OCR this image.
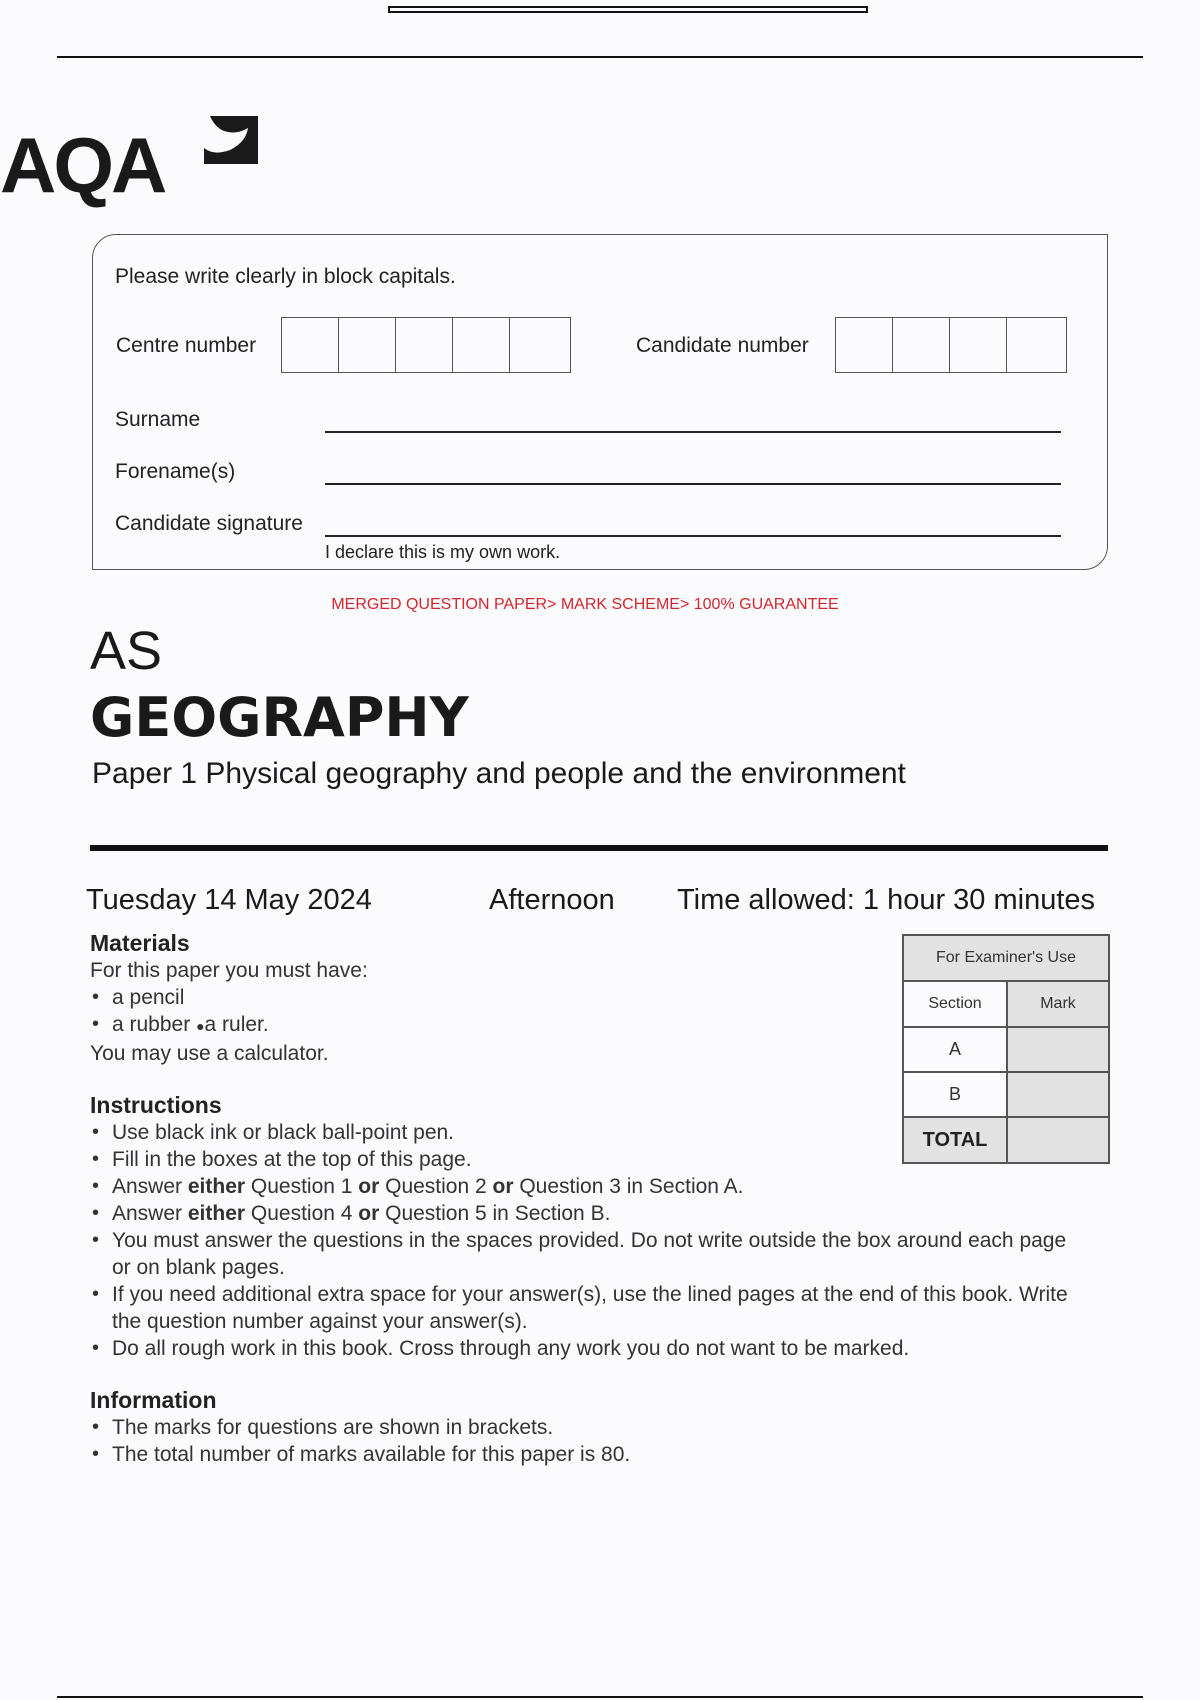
AQA
Please write clearly in block capitals.
Centre number	Candidate number
Surname
Forename(s)
Candidate signature
I declare this is my own work.
MERGED QUESTION PAPER> MARK SCHEME> 100% GUARANTEE
AS
GEOGRAPHY
Paper 1 Physical geography and people and the environment
Tuesday 14 May 2024	Afternoon Time allowed: 1 hour 30 minutes
Materials
For this paper you must have:
• a pencil
• a rubber ●a ruler.
You may use a calculator.
Instructions
• Use black ink or black ball-point pen.
• Fill in the boxes at the top of this page.
• Answer either Question 1 or Question 2 or Question 3 in Section A.
• Answer either Question 4 or Question 5 in Section B.
• You must answer the questions in the spaces provided. Do not write outside the box around each page or on blank pages.
• If you need additional extra space for your answer(s), use the lined pages at the end of this book. Write the question number against your answer(s).
• Do all rough work in this book. Cross through any work you do not want to be marked.
Information
• The marks for questions are shown in brackets.
• The total number of marks available for this paper is 80.
For Examiner's Use	
Section	Mark
A	
B	
TOTAL	
